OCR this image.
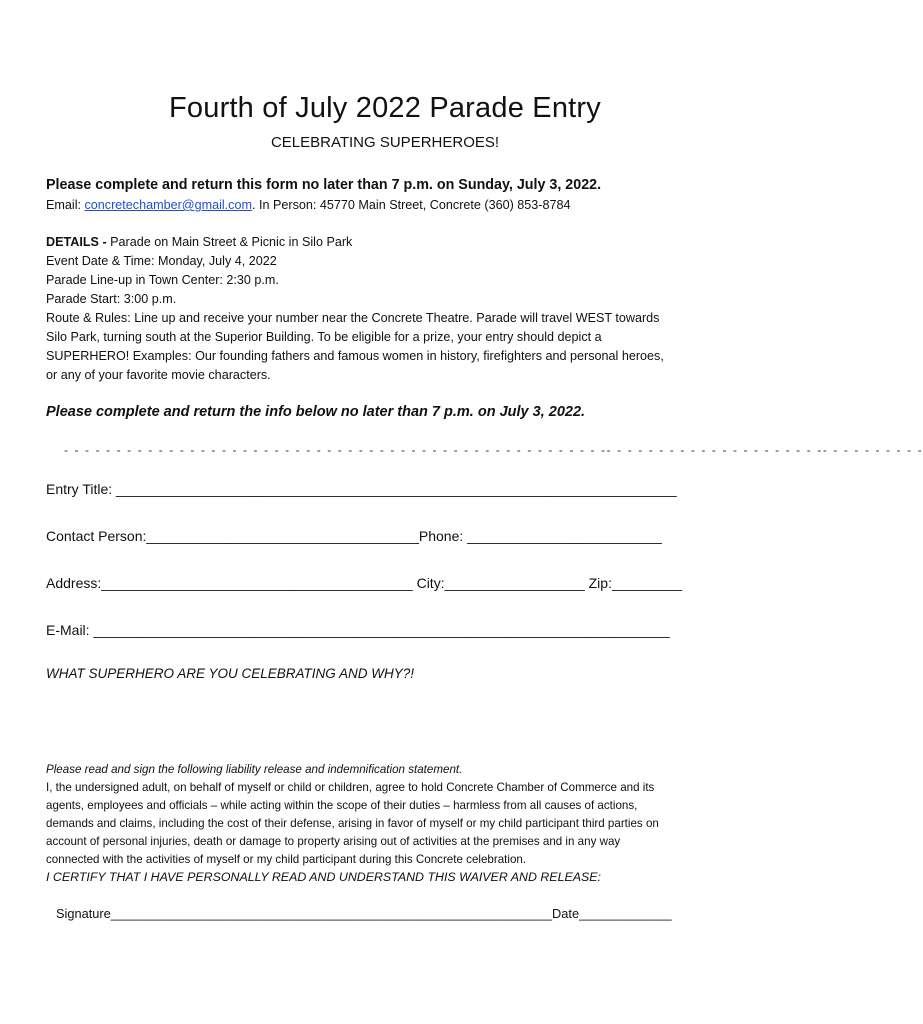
Fourth of July 2022 Parade Entry
CELEBRATING SUPERHEROES!
Please complete and return this form no later than 7 p.m. on Sunday, July 3, 2022.
Email: concretechamber@gmail.com. In Person: 45770 Main Street, Concrete (360) 853-8784
DETAILS - Parade on Main Street & Picnic in Silo Park
Event Date & Time: Monday, July 4, 2022
Parade Line-up in Town Center: 2:30 p.m.
Parade Start: 3:00 p.m.
Route & Rules: Line up and receive your number near the Concrete Theatre. Parade will travel WEST towards
Silo Park, turning south at the Superior Building. To be eligible for a prize, your entry should depict a
SUPERHERO! Examples: Our founding fathers and famous women in history, firefighters and personal heroes,
or any of your favorite movie characters.
Please complete and return the info below no later than 7 p.m. on July 3, 2022.
- - - - - - - - - - - - - - - - - - - - - - - - - - - - - - - - - - - - - - - - - - - - - - - - - - - -- - - - - - - - - - - - - - - - - - - - -- - - - - - - - - -
Entry Title: ________________________________________________________________________
Contact Person:___________________________________Phone: _________________________
Address:________________________________________ City:__________________ Zip:_________
E-Mail: __________________________________________________________________________
WHAT SUPERHERO ARE YOU CELEBRATING AND WHY?!
Please read and sign the following liability release and indemnification statement.
I, the undersigned adult, on behalf of myself or child or children, agree to hold Concrete Chamber of Commerce and its
agents, employees and officials – while acting within the scope of their duties – harmless from all causes of actions,
demands and claims, including the cost of their defense, arising in favor of myself or my child participant third parties on
account of personal injuries, death or damage to property arising out of activities at the premises and in any way
connected with the activities of myself or my child participant during this Concrete celebration.
I CERTIFY THAT I HAVE PERSONALLY READ AND UNDERSTAND THIS WAIVER AND RELEASE:
Signature______________________________________________________________Date_____________
